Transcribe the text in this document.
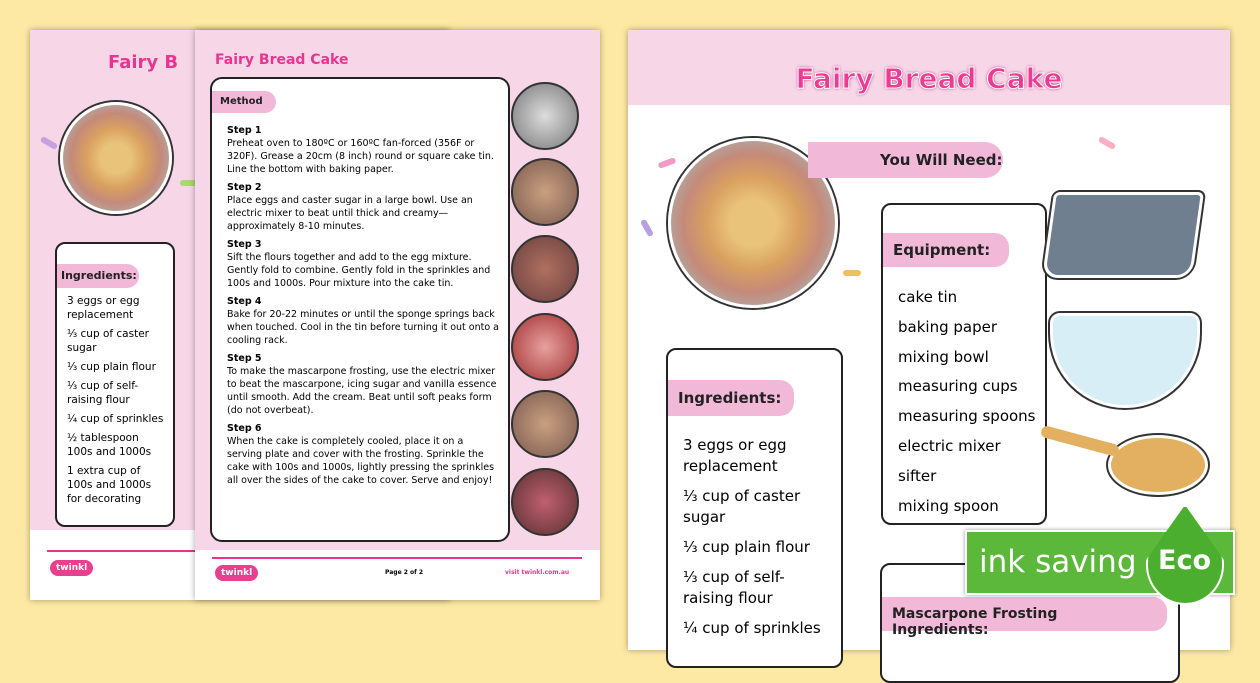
Fairy B
Ingredients:
3 eggs or egg replacement
⅓ cup of caster sugar
⅓ cup plain flour
⅓ cup of self-raising flour
¼ cup of sprinkles
½ tablespoon 100s and 1000s
1 extra cup of 100s and 1000s for decorating
twinkl
Fairy Bread Cake
Method

Step 1

Preheat oven to 180ºC or 160ºC fan-forced (356F or 320F). Grease a 20cm (8 inch) round or square cake tin. Line the bottom with baking paper.

Step 2

Place eggs and caster sugar in a large bowl. Use an electric mixer to beat until thick and creamy—approximately 8-10 minutes.

Step 3

Sift the flours together and add to the egg mixture. Gently fold to combine. Gently fold in the sprinkles and 100s and 1000s. Pour mixture into the cake tin.

Step 4

Bake for 20-22 minutes or until the sponge springs back when touched. Cool in the tin before turning it out onto a cooling rack.

Step 5

To make the mascarpone frosting, use the electric mixer to beat the mascarpone, icing sugar and vanilla essence until smooth. Add the cream. Beat until soft peaks form (do not overbeat).

Step 6

When the cake is completely cooled, place it on a serving plate and cover with the frosting. Sprinkle the cake with 100s and 1000s, lightly pressing the sprinkles all over the sides of the cake to cover. Serve and enjoy!

twinkl	Page 2 of 2	visit twinkl.com.au
Fairy Bread Cake
You Will Need:
Equipment:
cake tin
baking paper
mixing bowl
measuring cups
measuring spoons
electric mixer
sifter
mixing spoon
Ingredients:
3 eggs or egg replacement
⅓ cup of caster sugar
⅓ cup plain flour
⅓ cup of self-raising flour
¼ cup of sprinkles
Mascarpone Frosting Ingredients:
ink saving Eco
